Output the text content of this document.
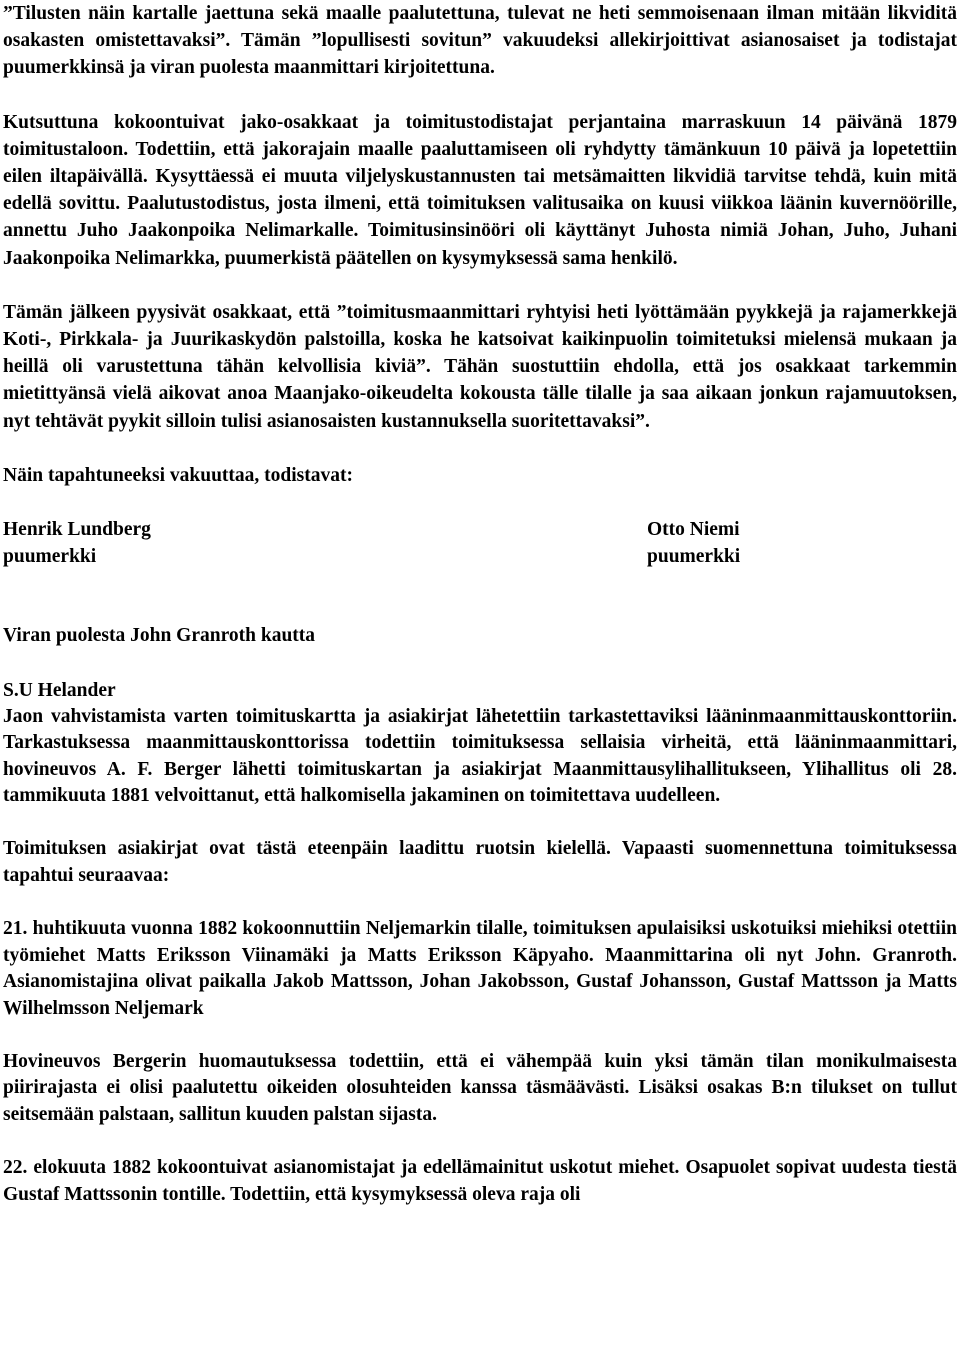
”Tilusten näin kartalle jaettuna sekä maalle paalutettuna, tulevat ne heti semmoisenaan ilman mitään likviditä osakasten omistettavaksi”. Tämän ”lopullisesti sovitun” vakuudeksi allekirjoittivat asianosaiset ja todistajat puumerkkinsä ja viran puolesta maanmittari kirjoitettuna.

Kutsuttuna kokoontuivat jako-osakkaat ja toimitustodistajat perjantaina marraskuun 14 päivänä 1879 toimitustaloon. Todettiin, että jakorajain maalle paaluttamiseen oli ryhdytty tämänkuun 10 päivä ja lopetettiin eilen iltapäivällä. Kysyttäessä ei muuta viljelyskustannusten tai metsämaitten likvidiä tarvitse tehdä, kuin mitä edellä sovittu. Paalutustodistus, josta ilmeni, että toimituksen valitusaika on kuusi viikkoa läänin kuvernöörille, annettu Juho Jaakonpoika Nelimarkalle. Toimitusinsinööri oli käyttänyt Juhosta nimiä Johan, Juho, Juhani Jaakonpoika Nelimarkka, puumerkistä päätellen on kysymyksessä sama henkilö.

Tämän jälkeen pyysivät osakkaat, että ”toimitusmaanmittari ryhtyisi heti lyöttämään pyykkejä ja rajamerkkejä Koti-, Pirkkala- ja Juurikaskydön palstoilla, koska he katsoivat kaikinpuolin toimitetuksi mielensä mukaan ja heillä oli varustettuna tähän kelvollisia kiviä”. Tähän suostuttiin ehdolla, että jos osakkaat tarkemmin mietittyänsä vielä aikovat anoa Maanjako-oikeudelta kokousta tälle tilalle ja saa aikaan jonkun rajamuutoksen, nyt tehtävät pyykit silloin tulisi asianosaisten kustannuksella suoritettavaksi”.

Näin tapahtuneeksi vakuuttaa, todistavat:

Henrik Lundberg
puumerkki
Otto Niemi
puumerkki

Viran puolesta John Granroth kautta

S.U Helander

Jaon vahvistamista varten toimituskartta ja asiakirjat lähetettiin tarkastettaviksi lääninmaanmittauskonttoriin. Tarkastuksessa maanmittauskonttorissa todettiin toimituksessa sellaisia virheitä, että lääninmaanmittari, hovineuvos A. F. Berger lähetti toimituskartan ja asiakirjat Maanmittausylihallitukseen, Ylihallitus oli 28. tammikuuta 1881 velvoittanut, että halkomisella jakaminen on toimitettava uudelleen.

Toimituksen asiakirjat ovat tästä eteenpäin laadittu ruotsin kielellä. Vapaasti suomennettuna toimituksessa tapahtui seuraavaa:

21. huhtikuuta vuonna 1882 kokoonnuttiin Neljemarkin tilalle, toimituksen apulaisiksi uskotuiksi miehiksi otettiin työmiehet Matts Eriksson Viinamäki ja Matts Eriksson Käpyaho. Maanmittarina oli nyt John. Granroth. Asianomistajina olivat paikalla Jakob Mattsson, Johan Jakobsson, Gustaf Johansson, Gustaf Mattsson ja Matts Wilhelmsson Neljemark

Hovineuvos Bergerin huomautuksessa todettiin, että ei vähempää kuin yksi tämän tilan monikulmaisesta piirirajasta ei olisi paalutettu oikeiden olosuhteiden kanssa täsmäävästi. Lisäksi osakas B:n tilukset on tullut seitsemään palstaan, sallitun kuuden palstan sijasta.

22. elokuuta 1882 kokoontuivat asianomistajat ja edellämainitut uskotut miehet. Osapuolet sopivat uudesta tiestä Gustaf Mattssonin tontille. Todettiin, että kysymyksessä oleva raja oli
